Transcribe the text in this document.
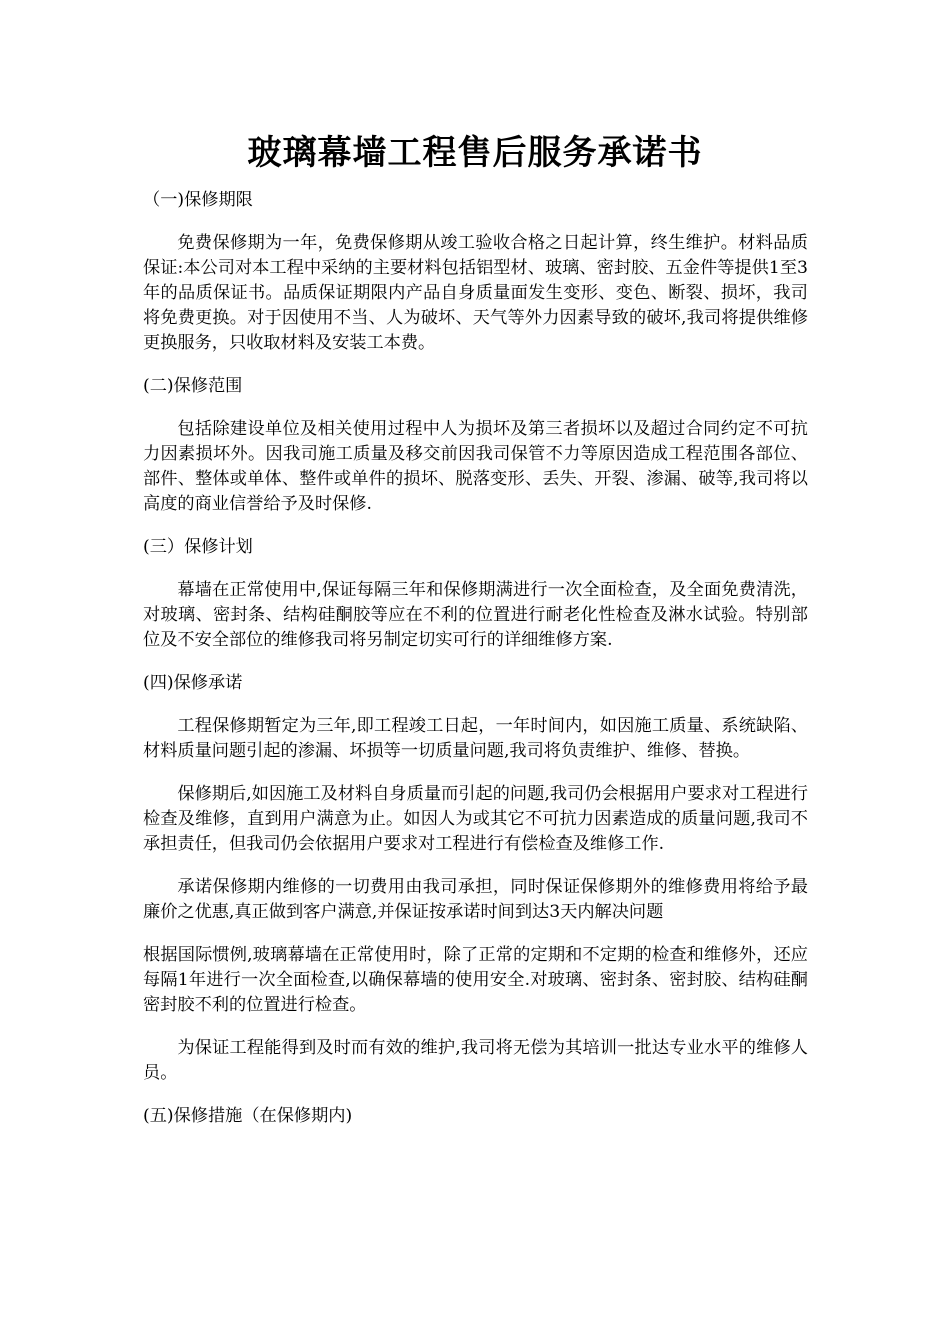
玻璃幕墙工程售后服务承诺书

（一)保修期限

免费保修期为一年，免费保修期从竣工验收合格之日起计算，终生维护。材料品质保证:本公司对本工程中采纳的主要材料包括铝型材、玻璃、密封胶、五金件等提供1至3年的品质保证书。品质保证期限内产品自身质量面发生变形、变色、断裂、损坏，我司将免费更换。对于因使用不当、人为破坏、天气等外力因素导致的破坏,我司将提供维修更换服务，只收取材料及安装工本费。

(二)保修范围

包括除建设单位及相关使用过程中人为损坏及第三者损坏以及超过合同约定不可抗力因素损坏外。因我司施工质量及移交前因我司保管不力等原因造成工程范围各部位、部件、整体或单体、整件或单件的损坏、脱落变形、丢失、开裂、渗漏、破等,我司将以高度的商业信誉给予及时保修.

(三）保修计划

幕墙在正常使用中,保证每隔三年和保修期满进行一次全面检查，及全面免费清洗，对玻璃、密封条、结构硅酮胶等应在不利的位置进行耐老化性检查及淋水试验。特别部位及不安全部位的维修我司将另制定切实可行的详细维修方案.

(四)保修承诺

工程保修期暂定为三年,即工程竣工日起，一年时间内，如因施工质量、系统缺陷、材料质量问题引起的渗漏、坏损等一切质量问题,我司将负责维护、维修、替换。

保修期后,如因施工及材料自身质量而引起的问题,我司仍会根据用户要求对工程进行检查及维修，直到用户满意为止。如因人为或其它不可抗力因素造成的质量问题,我司不承担责任，但我司仍会依据用户要求对工程进行有偿检查及维修工作.

承诺保修期内维修的一切费用由我司承担，同时保证保修期外的维修费用将给予最廉价之优惠,真正做到客户满意,并保证按承诺时间到达3天内解决问题

根据国际惯例,玻璃幕墙在正常使用时，除了正常的定期和不定期的检查和维修外，还应每隔1年进行一次全面检查,以确保幕墙的使用安全.对玻璃、密封条、密封胶、结构硅酮密封胶不利的位置进行检查。

为保证工程能得到及时而有效的维护,我司将无偿为其培训一批达专业水平的维修人员。

(五)保修措施（在保修期内)
